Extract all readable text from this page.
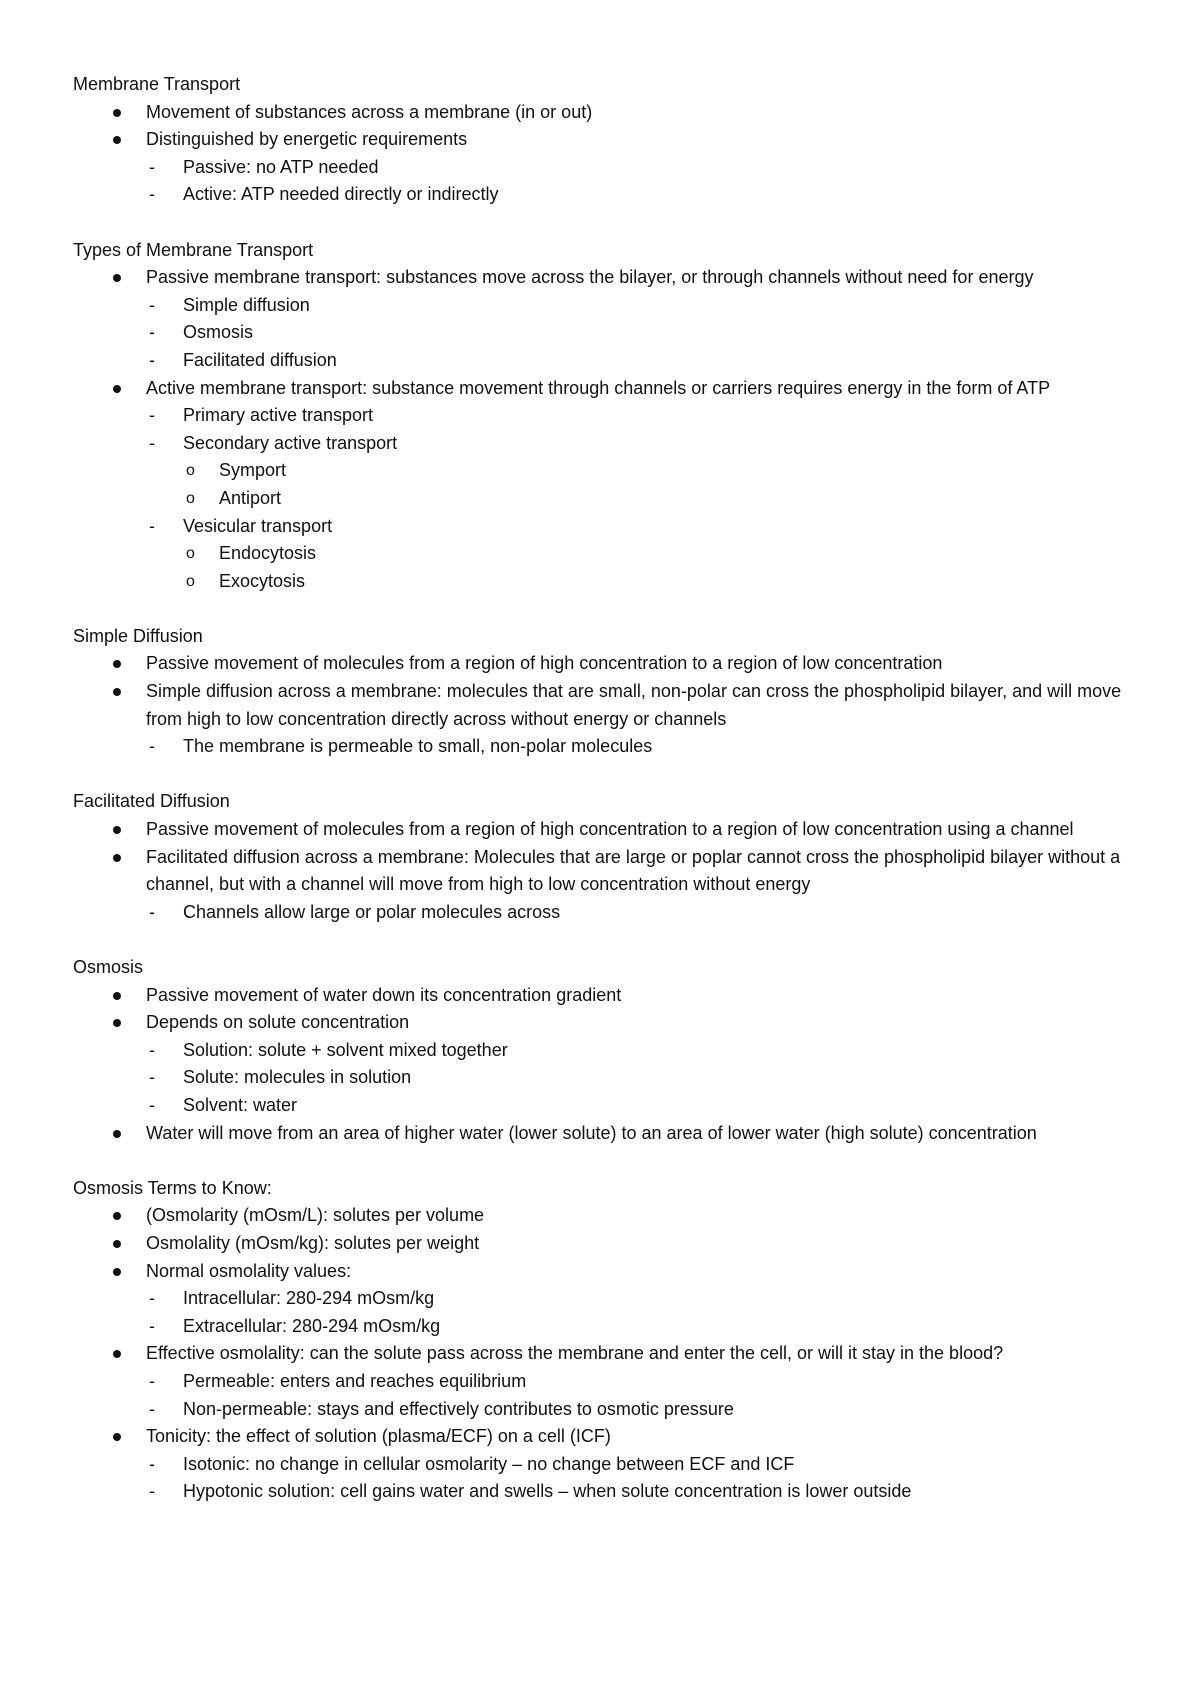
Membrane Transport

Movement of substances across a membrane (in or out)
Distinguished by energetic requirements
- Passive: no ATP needed
- Active: ATP needed directly or indirectly

Types of Membrane Transport

Passive membrane transport: substances move across the bilayer, or through channels without need for energy
- Simple diffusion
- Osmosis
- Facilitated diffusion
Active membrane transport: substance movement through channels or carriers requires energy in the form of ATP
- Primary active transport
- Secondary active transport
o Symport
o Antiport
- Vesicular transport
o Endocytosis
o Exocytosis

Simple Diffusion

Passive movement of molecules from a region of high concentration to a region of low concentration
Simple diffusion across a membrane: molecules that are small, non-polar can cross the phospholipid bilayer, and will move from high to low concentration directly across without energy or channels
- The membrane is permeable to small, non-polar molecules

Facilitated Diffusion

Passive movement of molecules from a region of high concentration to a region of low concentration using a channel
Facilitated diffusion across a membrane: Molecules that are large or poplar cannot cross the phospholipid bilayer without a channel, but with a channel will move from high to low concentration without energy
- Channels allow large or polar molecules across

Osmosis

Passive movement of water down its concentration gradient
Depends on solute concentration
- Solution: solute + solvent mixed together
- Solute: molecules in solution
- Solvent: water
Water will move from an area of higher water (lower solute) to an area of lower water (high solute) concentration

Osmosis Terms to Know:

(Osmolarity (mOsm/L): solutes per volume
Osmolality (mOsm/kg): solutes per weight
Normal osmolality values:
- Intracellular: 280-294 mOsm/kg
- Extracellular: 280-294 mOsm/kg
Effective osmolality: can the solute pass across the membrane and enter the cell, or will it stay in the blood?
- Permeable: enters and reaches equilibrium
- Non-permeable: stays and effectively contributes to osmotic pressure
Tonicity: the effect of solution (plasma/ECF) on a cell (ICF)
- Isotonic: no change in cellular osmolarity – no change between ECF and ICF
- Hypotonic solution: cell gains water and swells – when solute concentration is lower outside
